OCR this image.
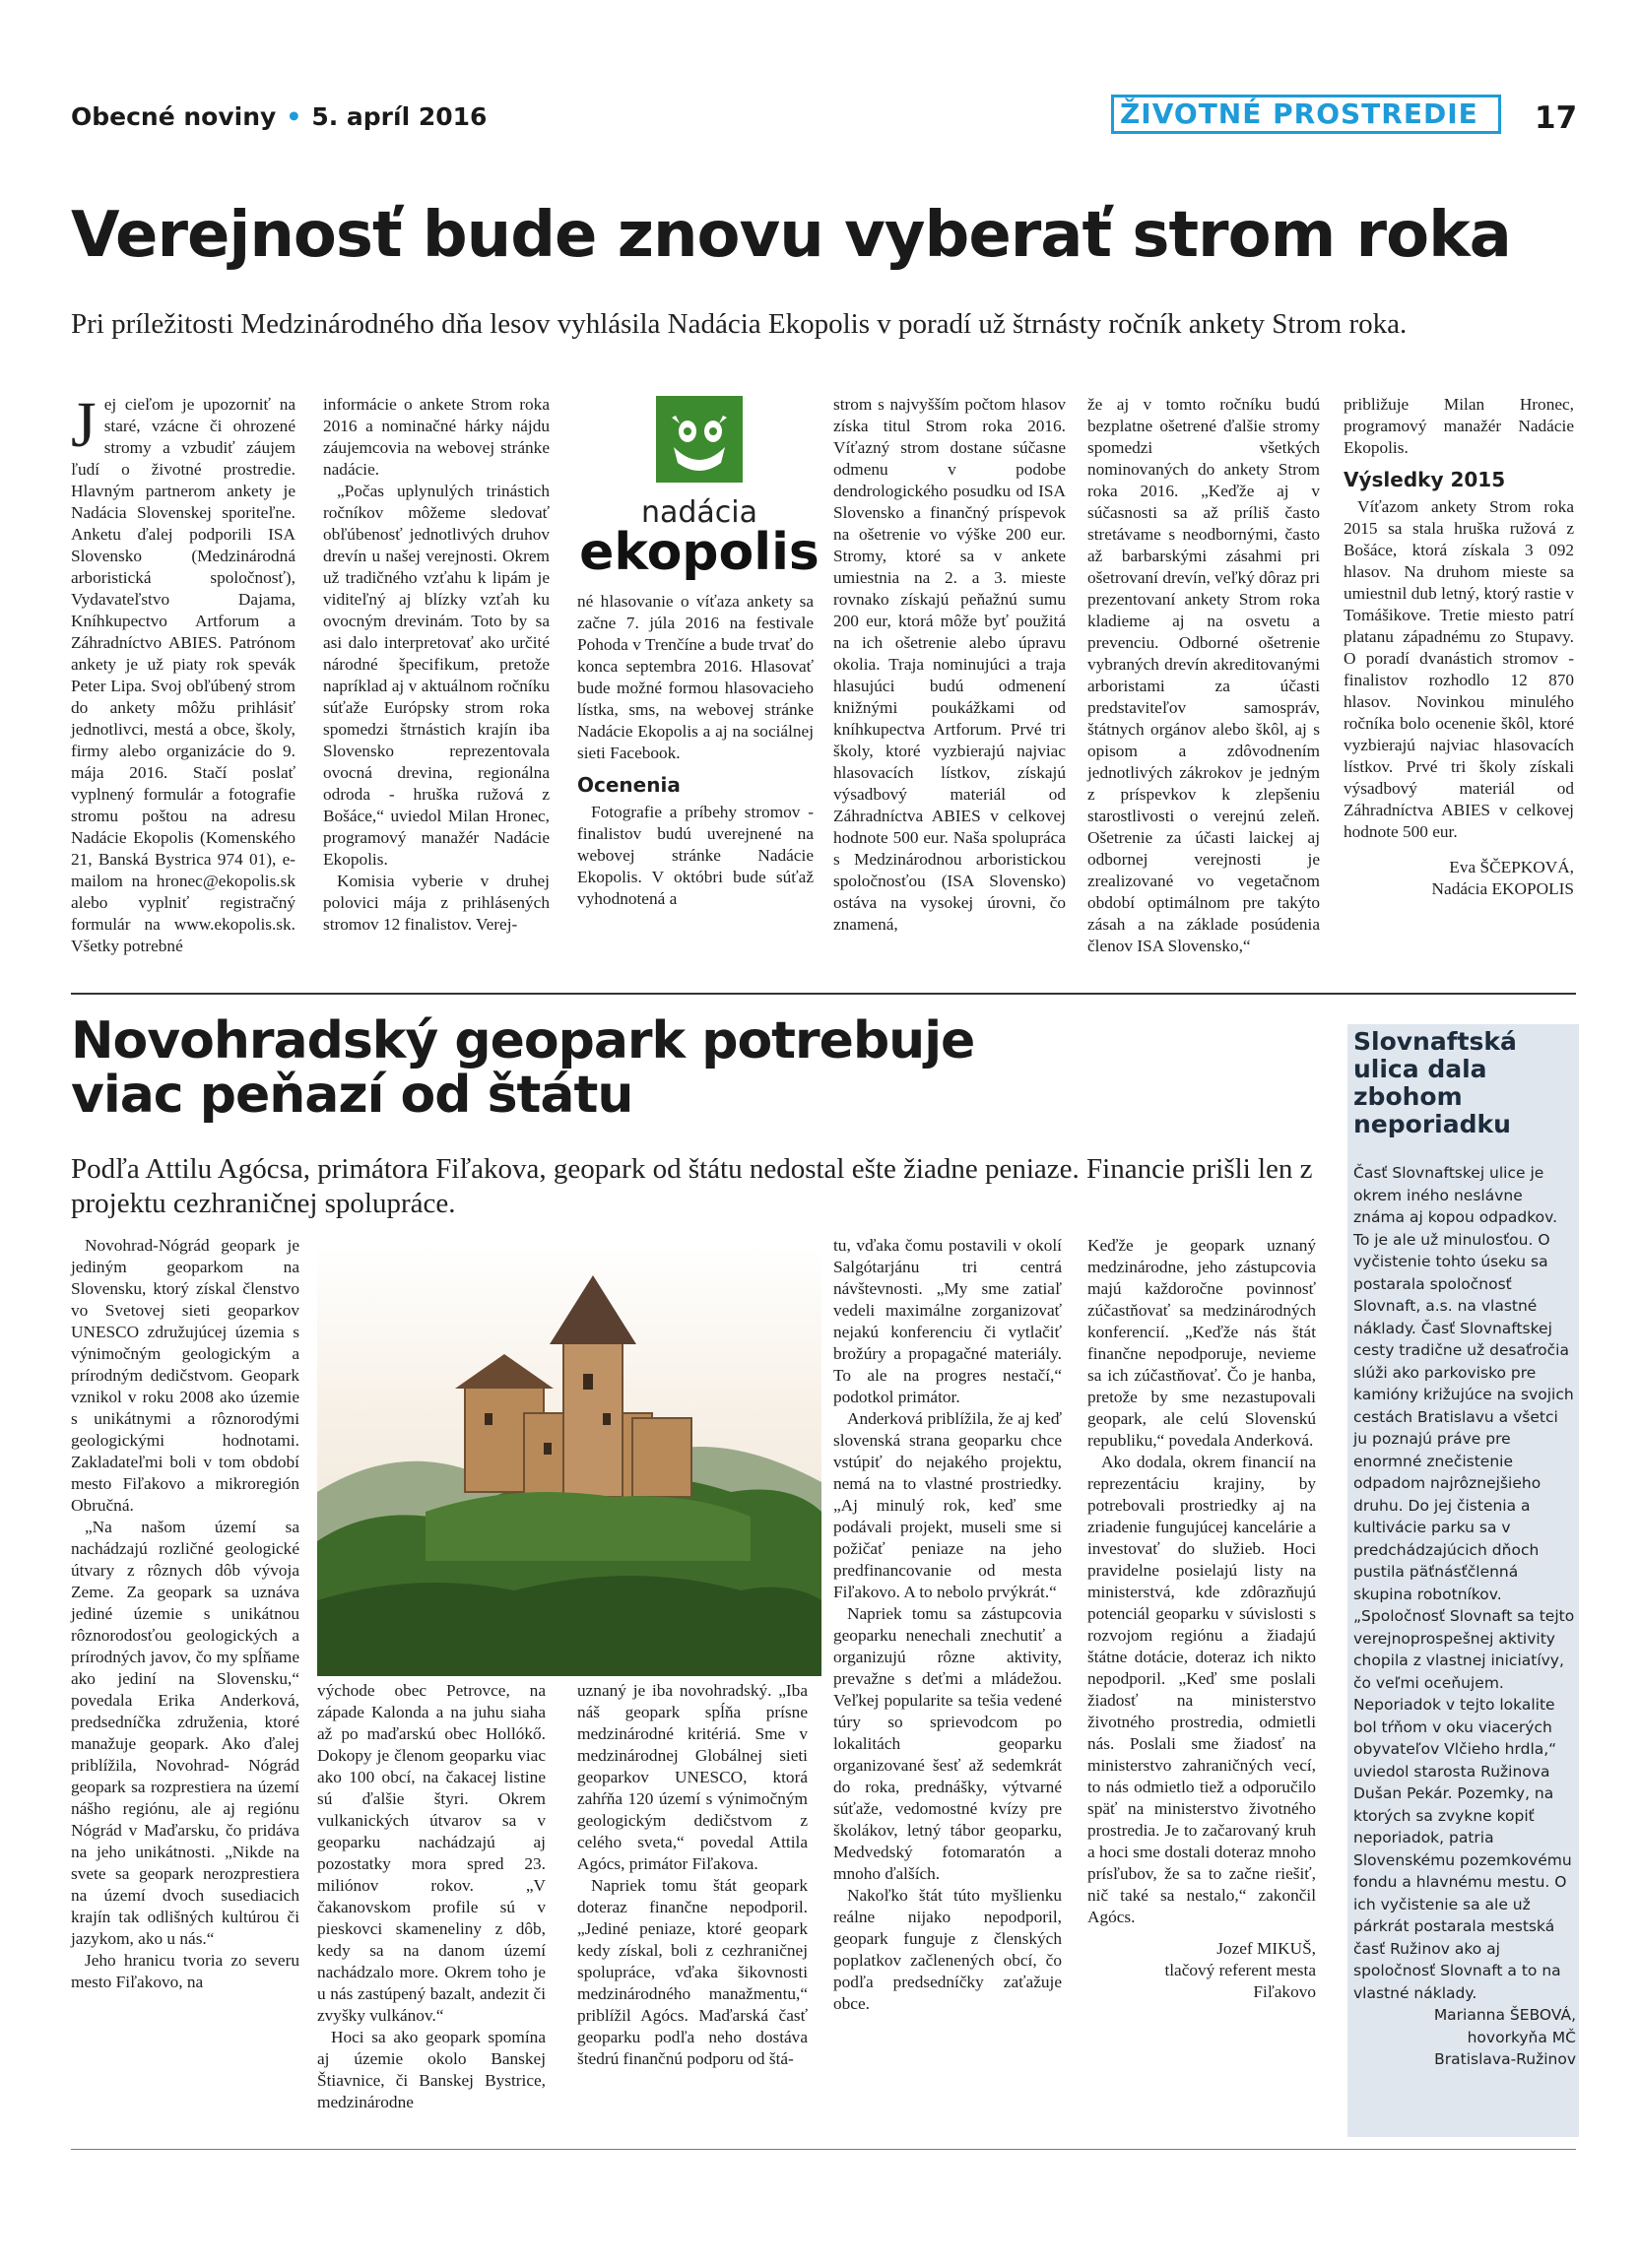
Obecné noviny • 5. apríl 2016	ŽIVOTNÉ PROSTREDIE	17
Verejnosť bude znovu vyberať strom roka
Pri príležitosti Medzinárodného dňa lesov vyhlásila Nadácia Ekopolis v poradí už štrnásty ročník ankety Strom roka.
Jej cieľom je upozorniť na staré, vzácne či ohrozené stromy a vzbudiť záujem ľudí o životné prostredie. Hlavným partnerom ankety je Nadácia Slovenskej sporiteľne. Anketu ďalej podporili ISA Slovensko (Medzinárodná arboristická spoločnosť), Vydavateľstvo Dajama, Kníhkupectvo Artforum a Záhradníctvo ABIES. Patrónom ankety je už piaty rok spevák Peter Lipa. Svoj obľúbený strom do ankety môžu prihlásiť jednotlivci, mestá a obce, školy, firmy alebo organizácie do 9. mája 2016. Stačí poslať vyplnený formulár a fotografie stromu poštou na adresu Nadácie Ekopolis (Komenského 21, Banská Bystrica 974 01), e-mailom na hronec@ekopolis.sk alebo vyplniť registračný formulár na www.ekopolis.sk. Všetky potrebné

informácie o ankete Strom roka 2016 a nominačné hárky nájdu záujemcovia na webovej stránke nadácie.

„Počas uplynulých trinástich ročníkov môžeme sledovať obľúbenosť jednotlivých druhov drevín u našej verejnosti. Okrem už tradičného vzťahu k lipám je viditeľný aj blízky vzťah ku ovocným drevinám. Toto by sa asi dalo interpretovať ako určité národné špecifikum, pretože napríklad aj v aktuálnom ročníku súťaže Európsky strom roka spomedzi štrnástich krajín iba Slovensko reprezentovala ovocná drevina, regionálna odroda - hruška ružová z Bošáce,“ uviedol Milan Hronec, programový manažér Nadácie Ekopolis.

Komisia vyberie v druhej polovici mája z prihlásených stromov 12 finalistov. Verej-

nadácia
ekopolis

né hlasovanie o víťaza ankety sa začne 7. júla 2016 na festivale Pohoda v Trenčíne a bude trvať do konca septembra 2016. Hlasovať bude možné formou hlasovacieho lístka, sms, na webovej stránke Nadácie Ekopolis a aj na sociálnej sieti Facebook.

Ocenenia

Fotografie a príbehy stromov - finalistov budú uverejnené na webovej stránke Nadácie Ekopolis. V októbri bude súťaž vyhodnotená a

strom s najvyšším počtom hlasov získa titul Strom roka 2016. Víťazný strom dostane súčasne odmenu v podobe dendrologického posudku od ISA Slovensko a finančný príspevok na ošetrenie vo výške 200 eur. Stromy, ktoré sa v ankete umiestnia na 2. a 3. mieste rovnako získajú peňažnú sumu 200 eur, ktorá môže byť použitá na ich ošetrenie alebo úpravu okolia. Traja nominujúci a traja hlasujúci budú odmenení knižnými poukážkami od kníhkupectva Artforum. Prvé tri školy, ktoré vyzbierajú najviac hlasovacích lístkov, získajú výsadbový materiál od Záhradníctva ABIES v celkovej hodnote 500 eur. Naša spolupráca s Medzinárodnou arboristickou spoločnosťou (ISA Slovensko) ostáva na vysokej úrovni, čo znamená,

že aj v tomto ročníku budú bezplatne ošetrené ďalšie stromy spomedzi všetkých nominovaných do ankety Strom roka 2016. „Keďže aj v súčasnosti sa až príliš často stretávame s neodbornými, často až barbarskými zásahmi pri ošetrovaní drevín, veľký dôraz pri prezentovaní ankety Strom roka kladieme aj na osvetu a prevenciu. Odborné ošetrenie vybraných drevín akreditovanými arboristami za účasti predstaviteľov samospráv, štátnych orgánov alebo škôl, aj s opisom a zdôvodnením jednotlivých zákrokov je jedným z príspevkov k zlepšeniu starostlivosti o verejnú zeleň. Ošetrenie za účasti laickej aj odbornej verejnosti je zrealizované vo vegetačnom období optimálnom pre takýto zásah a na základe posúdenia členov ISA Slovensko,“

približuje Milan Hronec, programový manažér Nadácie Ekopolis.

Výsledky 2015

Víťazom ankety Strom roka 2015 sa stala hruška ružová z Bošáce, ktorá získala 3 092 hlasov. Na druhom mieste sa umiestnil dub letný, ktorý rastie v Tomášikove. Tretie miesto patrí platanu západnému zo Stupavy. O poradí dvanástich stromov - finalistov rozhodlo 12 870 hlasov. Novinkou minulého ročníka bolo ocenenie škôl, ktoré vyzbierajú najviac hlasovacích lístkov. Prvé tri školy získali výsadbový materiál od Záhradníctva ABIES v celkovej hodnote 500 eur.

Eva ŠČEPKOVÁ,

Nadácia EKOPOLIS

Novohradský geopark potrebuje
viac peňazí od štátu
Podľa Attilu Agócsa, primátora Fiľakova, geopark od štátu nedostal ešte žiadne peniaze. Financie prišli len z projektu cezhraničnej spolupráce.

Novohrad-Nógrád geopark je jediným geoparkom na Slovensku, ktorý získal členstvo vo Svetovej sieti geoparkov UNESCO združujúcej územia s výnimočným geologickým a prírodným dedičstvom. Geopark vznikol v roku 2008 ako územie s unikátnymi a rôznorodými geologickými hodnotami. Zakladateľmi boli v tom období mesto Fiľakovo a mikroregión Obručná.

„Na našom území sa nachádzajú rozličné geologické útvary z rôznych dôb vývoja Zeme. Za geopark sa uznáva jediné územie s unikátnou rôznorodosťou geologických a prírodných javov, čo my spĺňame ako jediní na Slovensku,“ povedala Erika Anderková, predsedníčka združenia, ktoré manažuje geopark. Ako ďalej priblížila, Novohrad- Nógrád geopark sa rozprestiera na území nášho regiónu, ale aj regiónu Nógrád v Maďarsku, čo pridáva na jeho unikátnosti. „Nikde na svete sa geopark nerozprestiera na území dvoch susediacich krajín tak odlišných kultúrou či jazykom, ako u nás.“

Jeho hranicu tvoria zo severu mesto Fiľakovo, na

východe obec Petrovce, na západe Kalonda a na juhu siaha až po maďarskú obec Hollókő. Dokopy je členom geoparku viac ako 100 obcí, na čakacej listine sú ďalšie štyri. Okrem vulkanických útvarov sa v geoparku nachádzajú aj pozostatky mora spred 23. miliónov rokov. „V čakanovskom profile sú v pieskovci skameneliny z dôb, kedy sa na danom území nachádzalo more. Okrem toho je u nás zastúpený bazalt, andezit či zvyšky vulkánov.“

Hoci sa ako geopark spomína aj územie okolo Banskej Štiavnice, či Banskej Bystrice, medzinárodne

uznaný je iba novohradský. „Iba náš geopark spĺňa prísne medzinárodné kritériá. Sme v medzinárodnej Globálnej sieti geoparkov UNESCO, ktorá zahŕňa 120 území s výnimočným geologickým dedičstvom z celého sveta,“ povedal Attila Agócs, primátor Fiľakova.

Napriek tomu štát geopark doteraz finančne nepodporil. „Jediné peniaze, ktoré geopark kedy získal, boli z cezhraničnej spolupráce, vďaka šikovnosti medzinárodného manažmentu,“ priblížil Agócs. Maďarská časť geoparku podľa neho dostáva štedrú finančnú podporu od štá-

tu, vďaka čomu postavili v okolí Salgótarjánu tri centrá návštevnosti. „My sme zatiaľ vedeli maximálne zorganizovať nejakú konferenciu či vytlačiť brožúry a propagačné materiály. To ale na progres nestačí,“ podotkol primátor.

Anderková priblížila, že aj keď slovenská strana geoparku chce vstúpiť do nejakého projektu, nemá na to vlastné prostriedky. „Aj minulý rok, keď sme podávali projekt, museli sme si požičať peniaze na jeho predfinancovanie od mesta Fiľakovo. A to nebolo prvýkrát.“

Napriek tomu sa zástupcovia geoparku nenechali znechutiť a organizujú rôzne aktivity, prevažne s deťmi a mládežou. Veľkej popularite sa tešia vedené túry so sprievodcom po lokalitách geoparku organizované šesť až sedemkrát do roka, prednášky, výtvarné súťaže, vedomostné kvízy pre školákov, letný tábor geoparku, Medvedský fotomaratón a mnoho ďalších.

Nakoľko štát túto myšlienku reálne nijako nepodporil, geopark funguje z členských poplatkov začlenených obcí, čo podľa predsedníčky zaťažuje obce.

Keďže je geopark uznaný medzinárodne, jeho zástupcovia majú každoročne povinnosť zúčastňovať sa medzinárodných konferencií. „Keďže nás štát finančne nepodporuje, nevieme sa ich zúčastňovať. Čo je hanba, pretože by sme nezastupovali geopark, ale celú Slovenskú republiku,“ povedala Anderková.

Ako dodala, okrem financií na reprezentáciu krajiny, by potrebovali prostriedky aj na zriadenie fungujúcej kancelárie a investovať do služieb. Hoci pravidelne posielajú listy na ministerstvá, kde zdôrazňujú potenciál geoparku v súvislosti s rozvojom regiónu a žiadajú štátne dotácie, doteraz ich nikto nepodporil. „Keď sme poslali žiadosť na ministerstvo životného prostredia, odmietli nás. Poslali sme žiadosť na ministerstvo zahraničných vecí, to nás odmietlo tiež a odporučilo späť na ministerstvo životného prostredia. Je to začarovaný kruh a hoci sme dostali doteraz mnoho prísľubov, že sa to začne riešiť, nič také sa nestalo,“ zakončil Agócs.

Jozef MIKUŠ,

tlačový referent mesta

Fiľakovo

Slovnaftská ulica dala zbohom neporiadku

Časť Slovnaftskej ulice je okrem iného neslávne známa aj kopou odpadkov. To je ale už minulosťou. O vyčistenie tohto úseku sa postarala spoločnosť Slovnaft, a.s. na vlastné náklady. Časť Slovnaftskej cesty tradične už desaťročia slúži ako parkovisko pre kamióny križujúce na svojich cestách Bratislavu a všetci ju poznajú práve pre enormné znečistenie odpadom najrôznejšieho druhu. Do jej čistenia a kultivácie parku sa v predchádzajúcich dňoch pustila päťnásťčlenná skupina robotníkov. „Spoločnosť Slovnaft sa tejto verejnoprospešnej aktivity chopila z vlastnej iniciatívy, čo veľmi oceňujem. Neporiadok v tejto lokalite bol tŕňom v oku viacerých obyvateľov Vlčieho hrdla,“ uviedol starosta Ružinova Dušan Pekár. Pozemky, na ktorých sa zvykne kopiť neporiadok, patria Slovenskému pozemkovému fondu a hlavnému mestu. O ich vyčistenie sa ale už párkrát postarala mestská časť Ružinov ako aj spoločnosť Slovnaft a to na vlastné náklady.

Marianna ŠEBOVÁ,

hovorkyňa MČ

Bratislava-Ružinov
